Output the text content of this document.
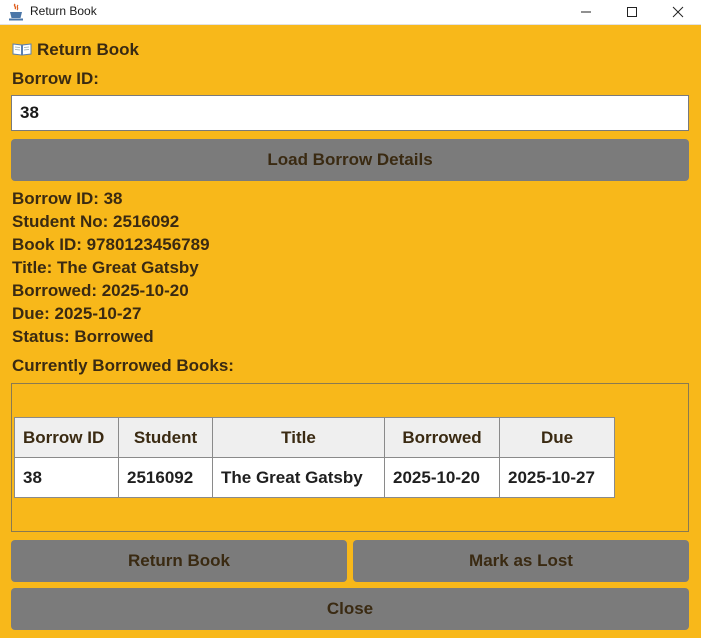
Return Book
Return Book
Borrow ID:
38
Load Borrow Details
Borrow ID: 38
Student No: 2516092
Book ID: 9780123456789
Title: The Great Gatsby
Borrowed: 2025-10-20
Due: 2025-10-27
Status: Borrowed
Currently Borrowed Books:
Borrow ID	Student	Title	Borrowed	Due
38	2516092	The Great Gatsby	2025-10-20	2025-10-27
Return Book	Mark as Lost
Close
